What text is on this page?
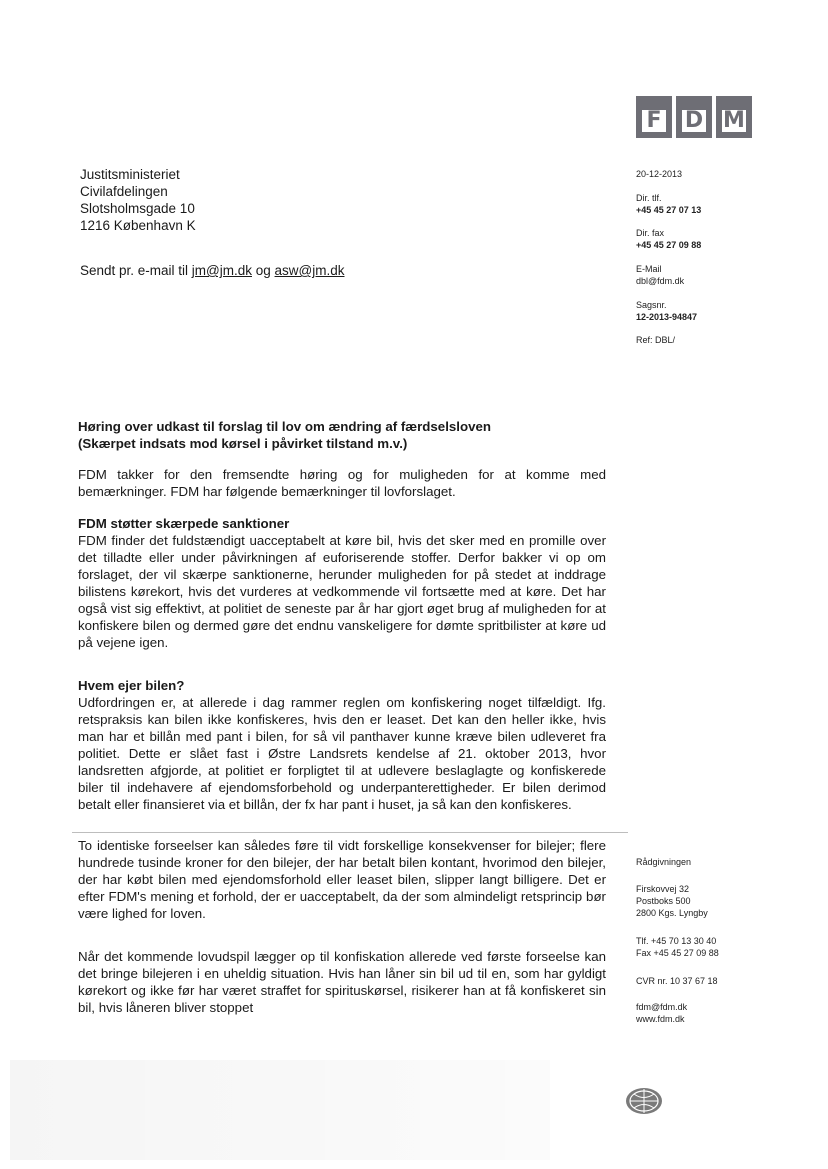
F D M
Justitsministeriet
Civilafdelingen
Slotsholmsgade 10
1216 København K
Sendt pr. e-mail til jm@jm.dk og asw@jm.dk
20-12-2013
Dir. tlf.
+45 45 27 07 13
Dir. fax
+45 45 27 09 88
E-Mail
dbl@fdm.dk
Sagsnr.
12-2013-94847
Ref: DBL/
Høring over udkast til forslag til lov om ændring af færdselsloven
(Skærpet indsats mod kørsel i påvirket tilstand m.v.)

FDM takker for den fremsendte høring og for muligheden for at komme med bemærkninger. FDM har følgende bemærkninger til lovforslaget.

FDM støtter skærpede sanktioner

FDM finder det fuldstændigt uacceptabelt at køre bil, hvis det sker med en promille over det tilladte eller under påvirkningen af euforiserende stoffer. Derfor bakker vi op om forslaget, der vil skærpe sanktionerne, herunder muligheden for på stedet at inddrage bilistens kørekort, hvis det vurderes at vedkommende vil fortsætte med at køre. Det har også vist sig effektivt, at politiet de seneste par år har gjort øget brug af muligheden for at konfiskere bilen og dermed gøre det endnu vanskeligere for dømte spritbilister at køre ud på vejene igen.

Hvem ejer bilen?

Udfordringen er, at allerede i dag rammer reglen om konfiskering noget tilfældigt. Ifg. retspraksis kan bilen ikke konfiskeres, hvis den er leaset. Det kan den heller ikke, hvis man har et billån med pant i bilen, for så vil panthaver kunne kræve bilen udleveret fra politiet. Dette er slået fast i Østre Landsrets kendelse af 21. oktober 2013, hvor landsretten afgjorde, at politiet er forpligtet til at udlevere beslaglagte og konfiskerede biler til indehavere af ejendomsforbehold og underpanterettigheder. Er bilen derimod betalt eller finansieret via et billån, der fx har pant i huset, ja så kan den konfiskeres.

To identiske forseelser kan således føre til vidt forskellige konsekvenser for bilejer; flere hundrede tusinde kroner for den bilejer, der har betalt bilen kontant, hvorimod den bilejer, der har købt bilen med ejendomsforhold eller leaset bilen, slipper langt billigere. Det er efter FDM's mening et forhold, der er uacceptabelt, da der som almindeligt retsprincip bør være lighed for loven.

Når det kommende lovudspil lægger op til konfiskation allerede ved første forseelse kan det bringe bilejeren i en uheldig situation. Hvis han låner sin bil ud til en, som har gyldigt kørekort og ikke før har været straffet for spirituskørsel, risikerer han at få konfiskeret sin bil, hvis låneren bliver stoppet

Rådgivningen
Firskovvej 32
Postboks 500
2800 Kgs. Lyngby
Tlf. +45 70 13 30 40
Fax +45 45 27 09 88
CVR nr. 10 37 67 18
fdm@fdm.dk
www.fdm.dk
